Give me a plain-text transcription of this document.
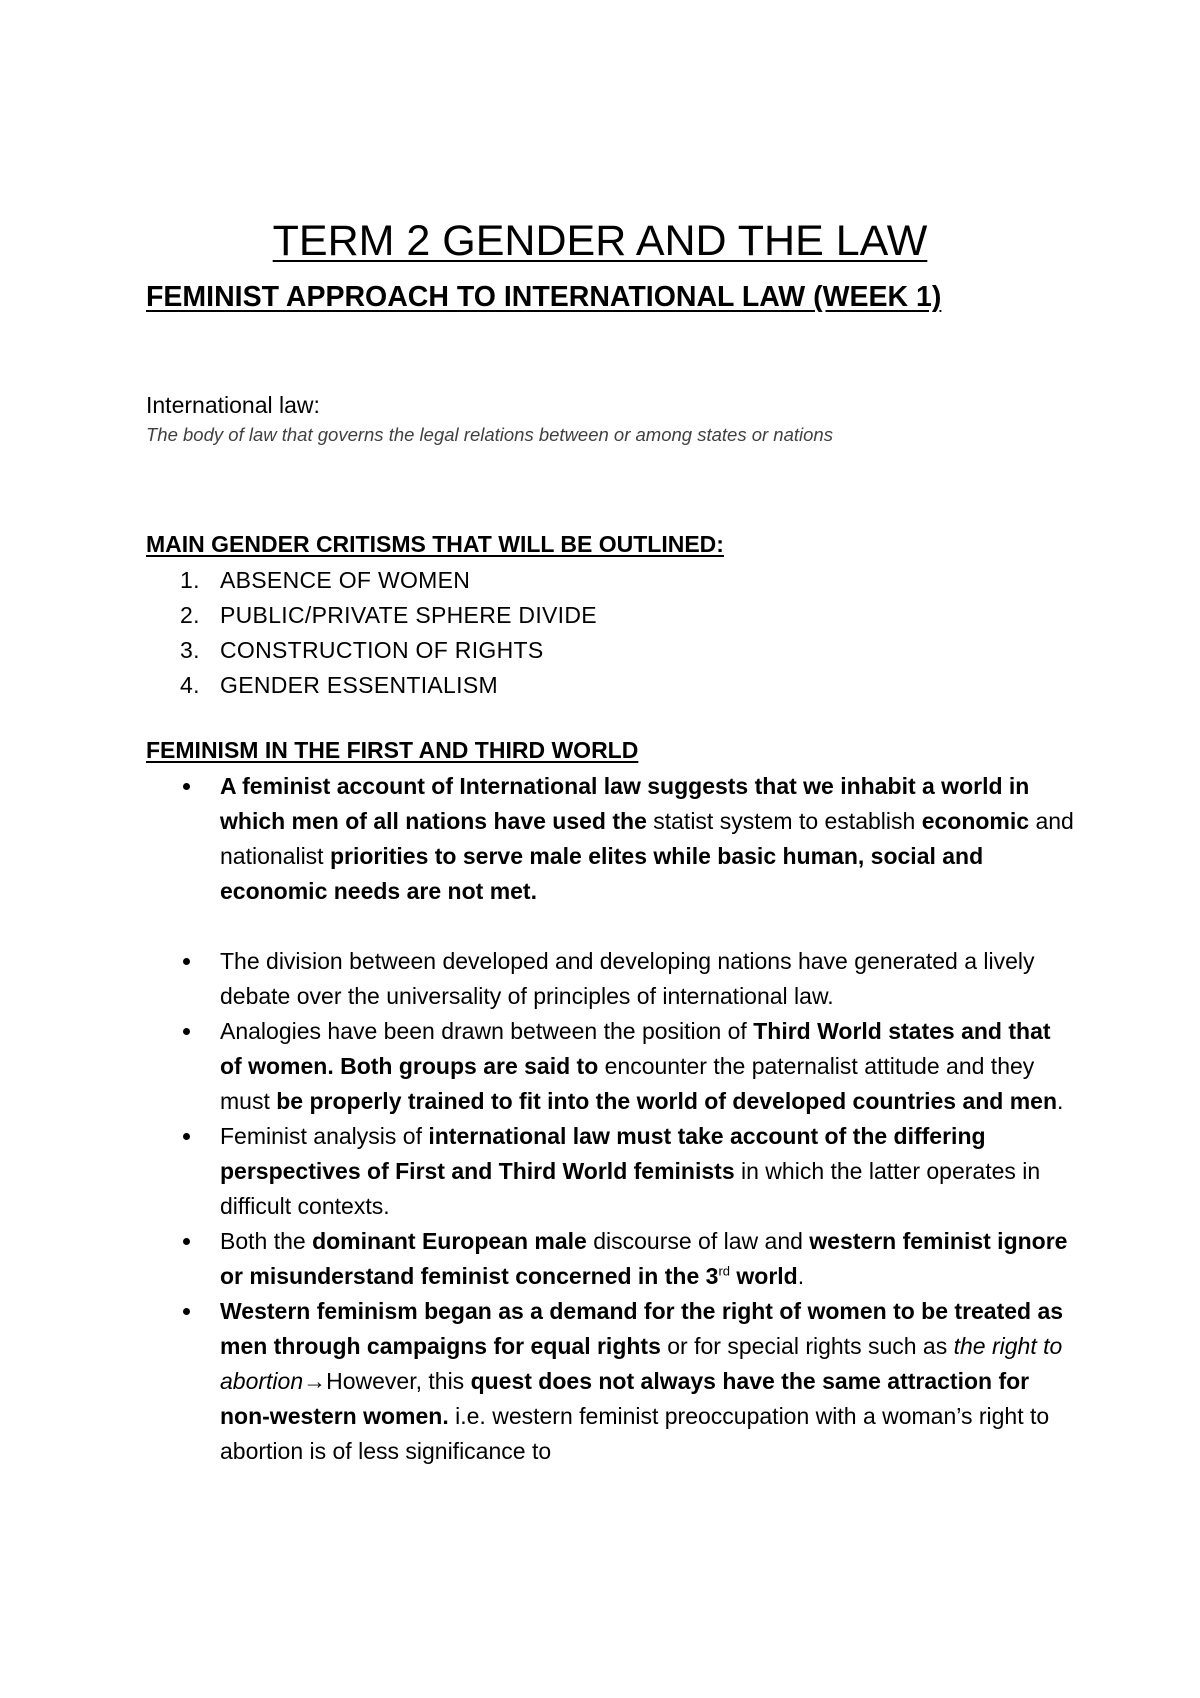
TERM 2 GENDER AND THE LAW
FEMINIST APPROACH TO INTERNATIONAL LAW (WEEK 1)
International law:
The body of law that governs the legal relations between or among states or nations
MAIN GENDER CRITISMS THAT WILL BE OUTLINED:
1. ABSENCE OF WOMEN
2. PUBLIC/PRIVATE SPHERE DIVIDE
3. CONSTRUCTION OF RIGHTS
4. GENDER ESSENTIALISM
FEMINISM IN THE FIRST AND THIRD WORLD
A feminist account of International law suggests that we inhabit a world in which men of all nations have used the statist system to establish economic and nationalist priorities to serve male elites while basic human, social and economic needs are not met.
The division between developed and developing nations have generated a lively debate over the universality of principles of international law.
Analogies have been drawn between the position of Third World states and that of women. Both groups are said to encounter the paternalist attitude and they must be properly trained to fit into the world of developed countries and men.
Feminist analysis of international law must take account of the differing perspectives of First and Third World feminists in which the latter operates in difficult contexts.
Both the dominant European male discourse of law and western feminist ignore or misunderstand feminist concerned in the 3rd world.
Western feminism began as a demand for the right of women to be treated as men through campaigns for equal rights or for special rights such as the right to abortion→However, this quest does not always have the same attraction for non-western women. i.e. western feminist preoccupation with a woman’s right to abortion is of less significance to
